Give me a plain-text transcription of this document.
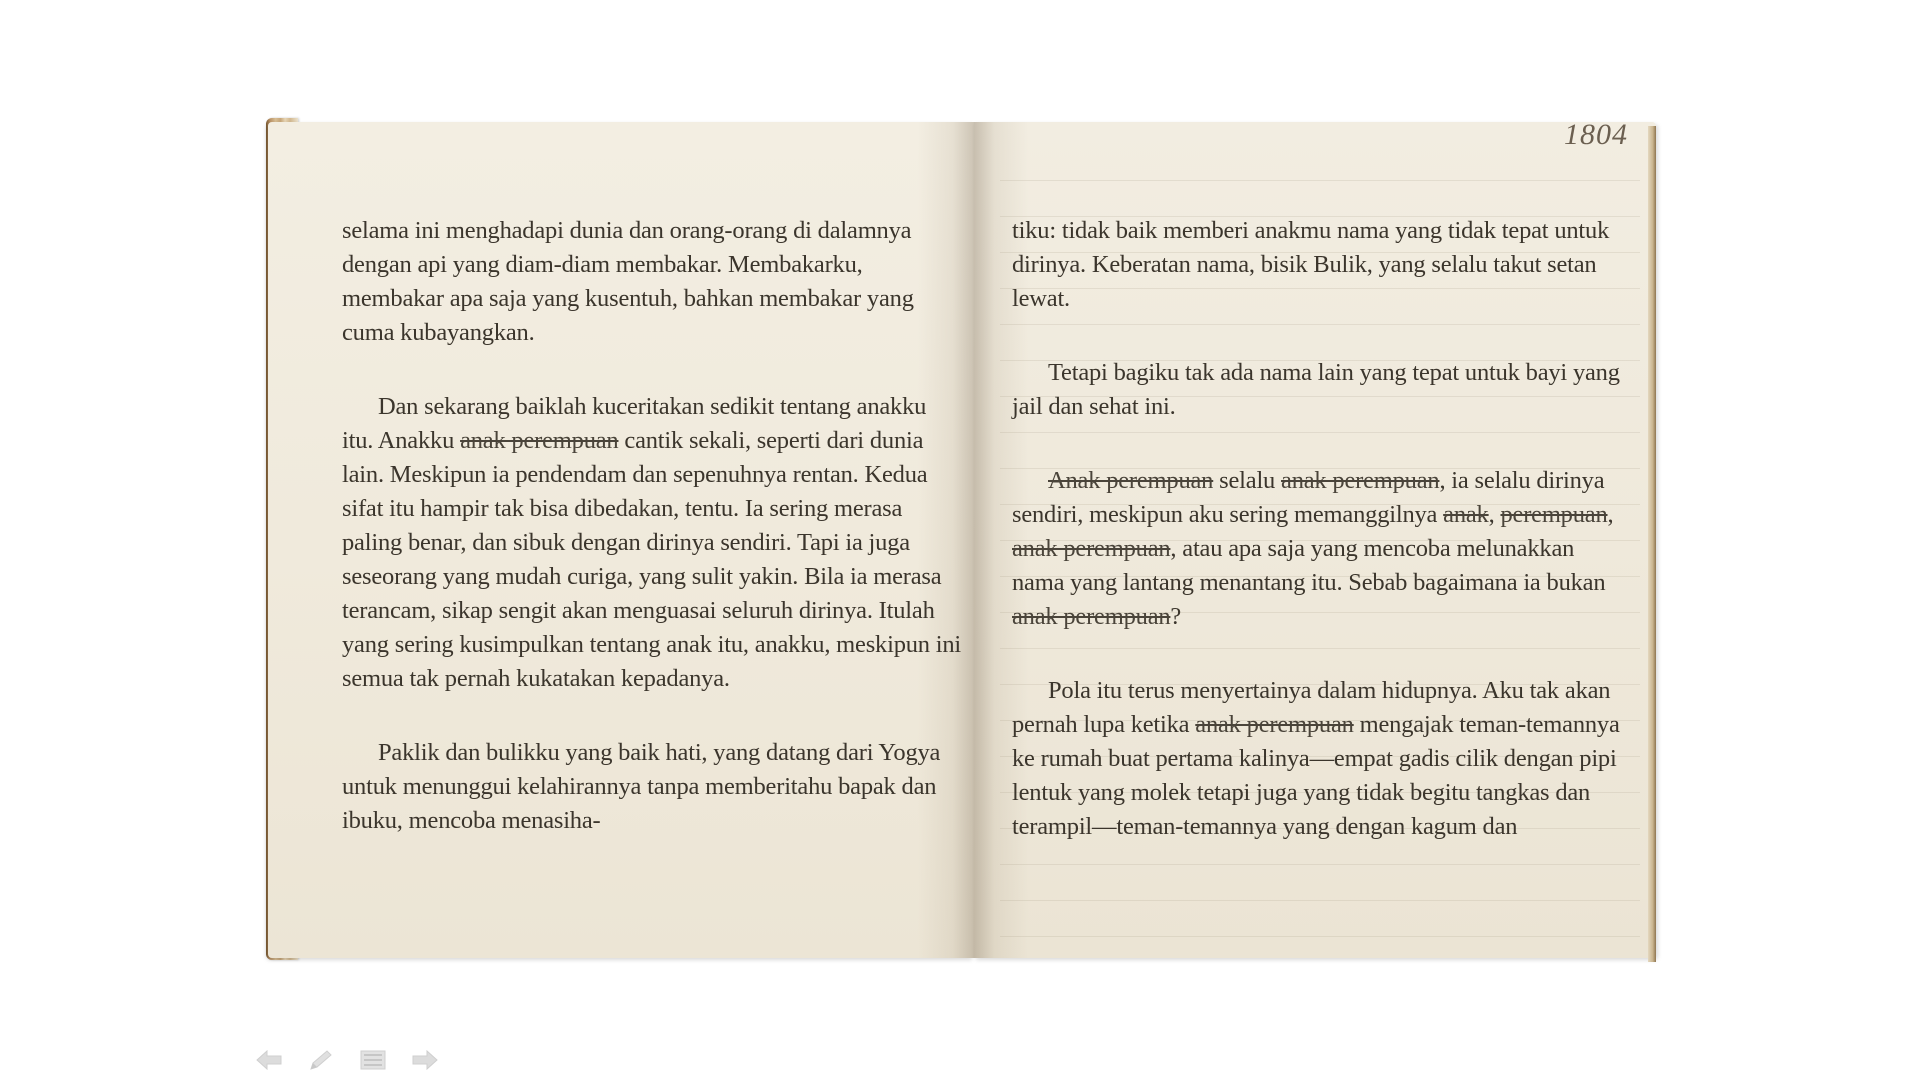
selama ini menghadapi dunia dan orang-orang di dalamnya dengan api yang diam-diam membakar. Membakarku, membakar apa saja yang kusentuh, bahkan membakar yang cuma kubayangkan.

Dan sekarang baiklah kuceritakan sedikit tentang anakku itu. Anakku anak perempuan cantik sekali, seperti dari dunia lain. Meskipun ia pendendam dan sepenuhnya rentan. Kedua sifat itu hampir tak bisa dibedakan, tentu. Ia sering merasa paling benar, dan sibuk dengan dirinya sendiri. Tapi ia juga seseorang yang mudah curiga, yang sulit yakin. Bila ia merasa terancam, sikap sengit akan menguasai seluruh dirinya. Itulah yang sering kusimpulkan tentang anak itu, anakku, meskipun ini semua tak pernah kukatakan kepadanya.

Paklik dan bulikku yang baik hati, yang datang dari Yogya untuk menunggui kelahirannya tanpa memberitahu bapak dan ibuku, mencoba menasiha-

1804

tiku: tidak baik memberi anakmu nama yang tidak tepat untuk dirinya. Keberatan nama, bisik Bulik, yang selalu takut setan lewat.

Tetapi bagiku tak ada nama lain yang tepat untuk bayi yang jail dan sehat ini.

Anak perempuan selalu anak perempuan, ia selalu dirinya sendiri, meskipun aku sering memanggilnya anak, perempuan, anak perempuan, atau apa saja yang mencoba melunakkan nama yang lantang menantang itu. Sebab bagaimana ia bukan anak perempuan?

Pola itu terus menyertainya dalam hidupnya. Aku tak akan pernah lupa ketika anak perempuan mengajak teman-temannya ke rumah buat pertama kalinya—empat gadis cilik dengan pipi lentuk yang molek tetapi juga yang tidak begitu tangkas dan terampil—teman-temannya yang dengan kagum dan
